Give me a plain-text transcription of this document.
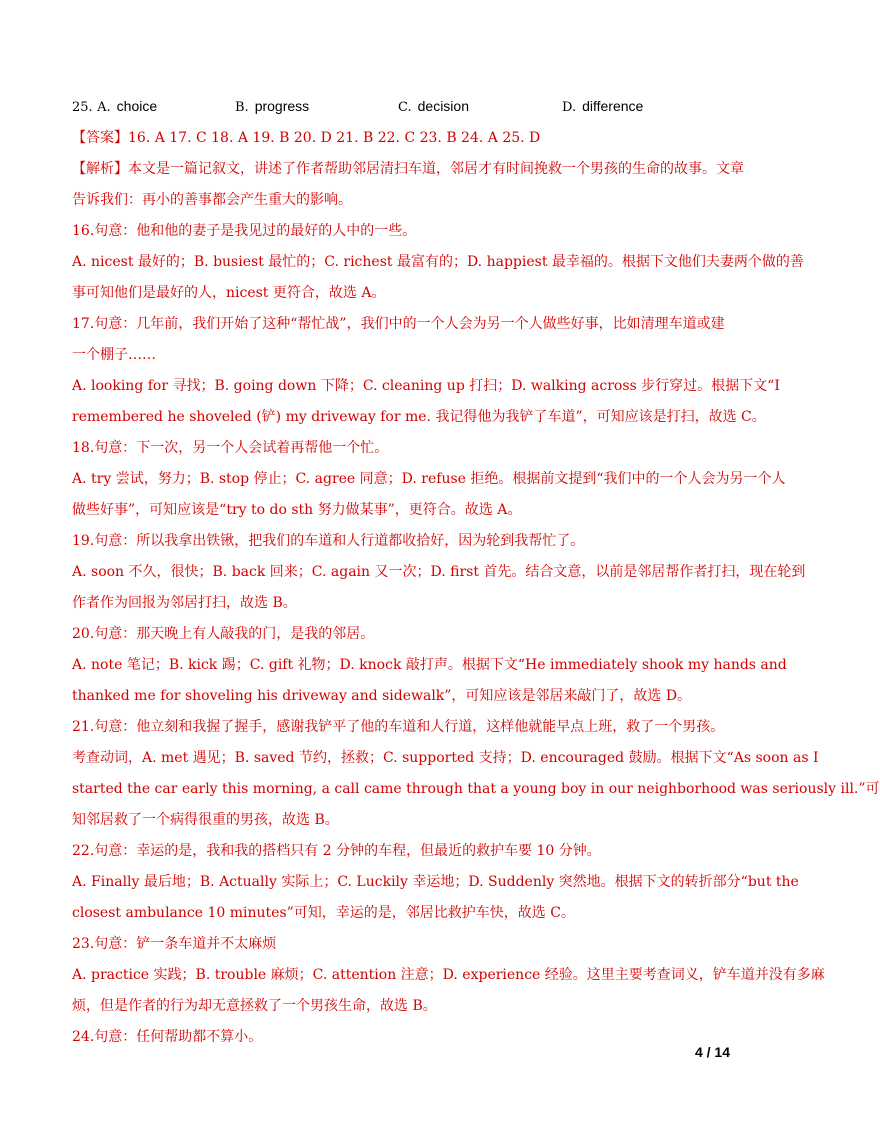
25. A. choice	B. progress	C. decision	D. difference
【答案】16. A 17. C 18. A 19. B 20. D 21. B 22. C 23. B 24. A 25. D
【解析】本文是一篇记叙文，讲述了作者帮助邻居清扫车道，邻居才有时间挽救一个男孩的生命的故事。文章
告诉我们：再小的善事都会产生重大的影响。
16.句意：他和他的妻子是我见过的最好的人中的一些。
A. nicest 最好的；B. busiest 最忙的；C. richest 最富有的；D. happiest 最幸福的。根据下文他们夫妻两个做的善
事可知他们是最好的人，nicest 更符合，故选 A。
17.句意：几年前，我们开始了这种“帮忙战”，我们中的一个人会为另一个人做些好事，比如清理车道或建
一个棚子……
A. looking for 寻找；B. going down 下降；C. cleaning up 打扫；D. walking across 步行穿过。根据下文“I
remembered he shoveled (铲) my driveway for me. 我记得他为我铲了车道”，可知应该是打扫，故选 C。
18.句意：下一次，另一个人会试着再帮他一个忙。
A. try 尝试，努力；B. stop 停止；C. agree 同意；D. refuse 拒绝。根据前文提到“我们中的一个人会为另一个人
做些好事”，可知应该是“try to do sth 努力做某事”，更符合。故选 A。
19.句意：所以我拿出铁锹，把我们的车道和人行道都收拾好，因为轮到我帮忙了。
A. soon 不久，很快；B. back 回来；C. again 又一次；D. first 首先。结合文意，以前是邻居帮作者打扫，现在轮到
作者作为回报为邻居打扫，故选 B。
20.句意：那天晚上有人敲我的门，是我的邻居。
A. note 笔记；B. kick 踢；C. gift 礼物；D. knock 敲打声。根据下文“He immediately shook my hands and
thanked me for shoveling his driveway and sidewalk”，可知应该是邻居来敲门了，故选 D。
21.句意：他立刻和我握了握手，感谢我铲平了他的车道和人行道，这样他就能早点上班，救了一个男孩。
考查动词，A. met 遇见；B. saved 节约，拯救；C. supported 支持；D. encouraged 鼓励。根据下文“As soon as I
started the car early this morning, a call came through that a young boy in our neighborhood was seriously ill.”可
知邻居救了一个病得很重的男孩，故选 B。
22.句意：幸运的是，我和我的搭档只有 2 分钟的车程，但最近的救护车要 10 分钟。
A. Finally 最后地；B. Actually 实际上；C. Luckily 幸运地；D. Suddenly 突然地。根据下文的转折部分“but the
closest ambulance 10 minutes”可知，幸运的是，邻居比救护车快，故选 C。
23.句意：铲一条车道并不太麻烦
A. practice 实践；B. trouble 麻烦；C. attention 注意；D. experience 经验。这里主要考查词义，铲车道并没有多麻
烦，但是作者的行为却无意拯救了一个男孩生命，故选 B。
24.句意：任何帮助都不算小。
4 / 14
